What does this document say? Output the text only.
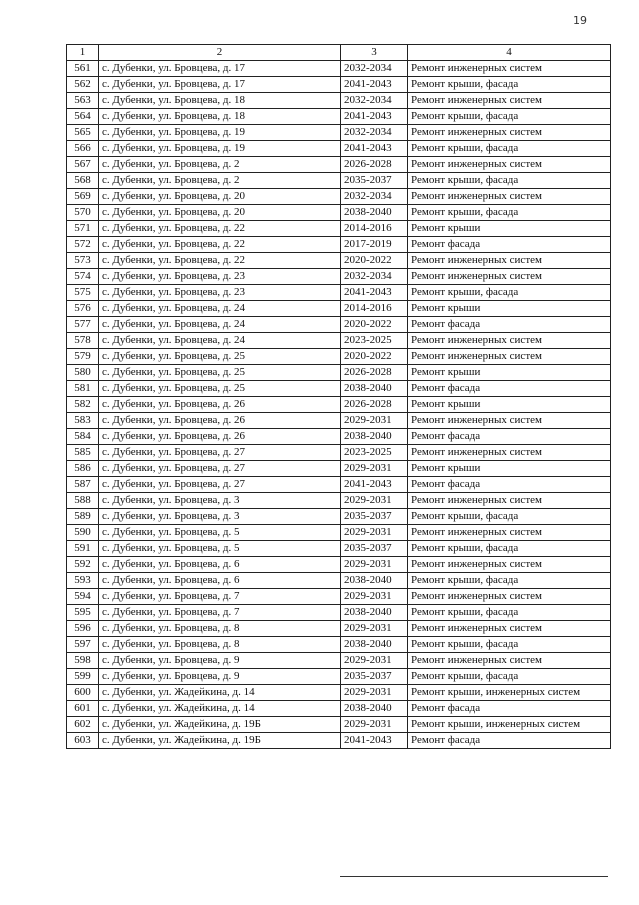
19
1	2	3	4
561	с. Дубенки, ул. Бровцева, д. 17	2032-2034	Ремонт инженерных систем
562	с. Дубенки, ул. Бровцева, д. 17	2041-2043	Ремонт крыши, фасада
563	с. Дубенки, ул. Бровцева, д. 18	2032-2034	Ремонт инженерных систем
564	с. Дубенки, ул. Бровцева, д. 18	2041-2043	Ремонт крыши, фасада
565	с. Дубенки, ул. Бровцева, д. 19	2032-2034	Ремонт инженерных систем
566	с. Дубенки, ул. Бровцева, д. 19	2041-2043	Ремонт крыши, фасада
567	с. Дубенки, ул. Бровцева, д. 2	2026-2028	Ремонт инженерных систем
568	с. Дубенки, ул. Бровцева, д. 2	2035-2037	Ремонт крыши, фасада
569	с. Дубенки, ул. Бровцева, д. 20	2032-2034	Ремонт инженерных систем
570	с. Дубенки, ул. Бровцева, д. 20	2038-2040	Ремонт крыши, фасада
571	с. Дубенки, ул. Бровцева, д. 22	2014-2016	Ремонт крыши
572	с. Дубенки, ул. Бровцева, д. 22	2017-2019	Ремонт фасада
573	с. Дубенки, ул. Бровцева, д. 22	2020-2022	Ремонт инженерных систем
574	с. Дубенки, ул. Бровцева, д. 23	2032-2034	Ремонт инженерных систем
575	с. Дубенки, ул. Бровцева, д. 23	2041-2043	Ремонт крыши, фасада
576	с. Дубенки, ул. Бровцева, д. 24	2014-2016	Ремонт крыши
577	с. Дубенки, ул. Бровцева, д. 24	2020-2022	Ремонт фасада
578	с. Дубенки, ул. Бровцева, д. 24	2023-2025	Ремонт инженерных систем
579	с. Дубенки, ул. Бровцева, д. 25	2020-2022	Ремонт инженерных систем
580	с. Дубенки, ул. Бровцева, д. 25	2026-2028	Ремонт крыши
581	с. Дубенки, ул. Бровцева, д. 25	2038-2040	Ремонт фасада
582	с. Дубенки, ул. Бровцева, д. 26	2026-2028	Ремонт крыши
583	с. Дубенки, ул. Бровцева, д. 26	2029-2031	Ремонт инженерных систем
584	с. Дубенки, ул. Бровцева, д. 26	2038-2040	Ремонт фасада
585	с. Дубенки, ул. Бровцева, д. 27	2023-2025	Ремонт инженерных систем
586	с. Дубенки, ул. Бровцева, д. 27	2029-2031	Ремонт крыши
587	с. Дубенки, ул. Бровцева, д. 27	2041-2043	Ремонт фасада
588	с. Дубенки, ул. Бровцева, д. 3	2029-2031	Ремонт инженерных систем
589	с. Дубенки, ул. Бровцева, д. 3	2035-2037	Ремонт крыши, фасада
590	с. Дубенки, ул. Бровцева, д. 5	2029-2031	Ремонт инженерных систем
591	с. Дубенки, ул. Бровцева, д. 5	2035-2037	Ремонт крыши, фасада
592	с. Дубенки, ул. Бровцева, д. 6	2029-2031	Ремонт инженерных систем
593	с. Дубенки, ул. Бровцева, д. 6	2038-2040	Ремонт крыши, фасада
594	с. Дубенки, ул. Бровцева, д. 7	2029-2031	Ремонт инженерных систем
595	с. Дубенки, ул. Бровцева, д. 7	2038-2040	Ремонт крыши, фасада
596	с. Дубенки, ул. Бровцева, д. 8	2029-2031	Ремонт инженерных систем
597	с. Дубенки, ул. Бровцева, д. 8	2038-2040	Ремонт крыши, фасада
598	с. Дубенки, ул. Бровцева, д. 9	2029-2031	Ремонт инженерных систем
599	с. Дубенки, ул. Бровцева, д. 9	2035-2037	Ремонт крыши, фасада
600	с. Дубенки, ул. Жадейкина, д. 14	2029-2031	Ремонт крыши, инженерных систем
601	с. Дубенки, ул. Жадейкина, д. 14	2038-2040	Ремонт фасада
602	с. Дубенки, ул. Жадейкина, д. 19Б	2029-2031	Ремонт крыши, инженерных систем
603	с. Дубенки, ул. Жадейкина, д. 19Б	2041-2043	Ремонт фасада
